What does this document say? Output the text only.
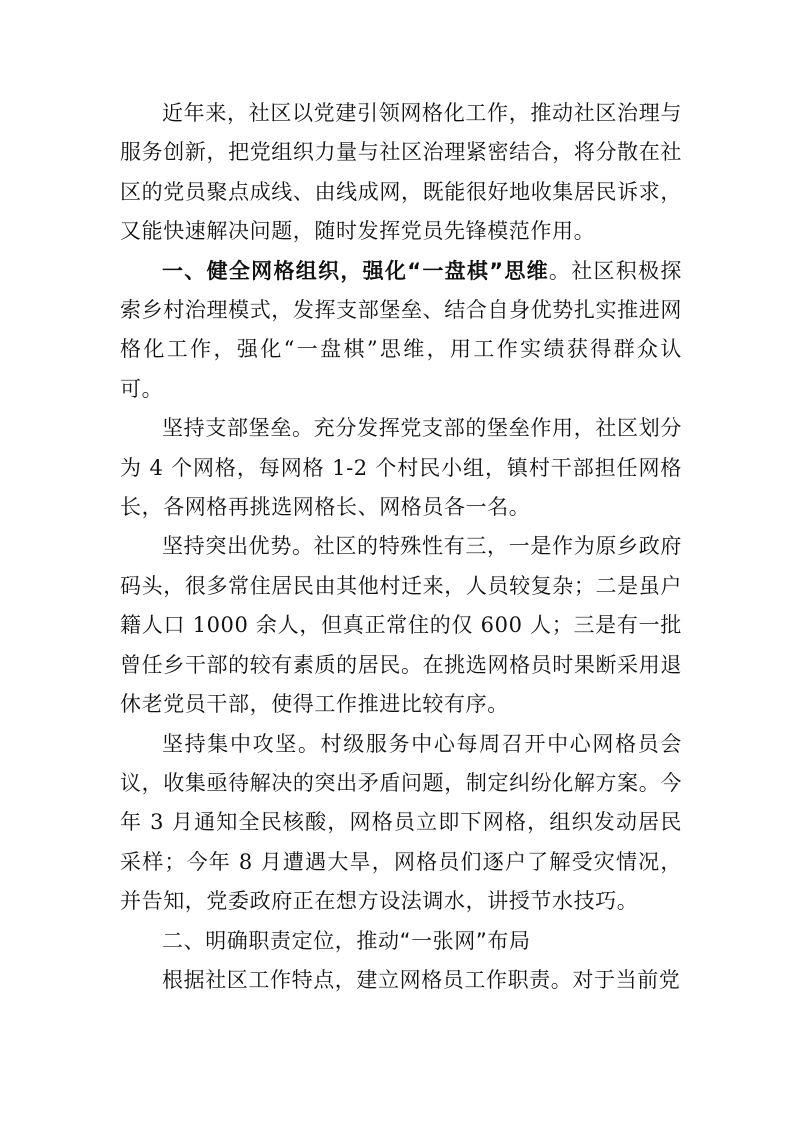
近年来，社区以党建引领网格化工作，推动社区治理与服务创新，把党组织力量与社区治理紧密结合，将分散在社区的党员聚点成线、由线成网，既能很好地收集居民诉求， 又能快速解决问题，随时发挥党员先锋模范作用。

一、健全网格组织，强化“一盘棋”思维。社区积极探索乡村治理模式，发挥支部堡垒、结合自身优势扎实推进网格化工作，强化“一盘棋”思维，用工作实绩获得群众认可。

坚持支部堡垒。充分发挥党支部的堡垒作用，社区划分为 4 个网格，每网格 1-2 个村民小组，镇村干部担任网格长，各网格再挑选网格长、网格员各一名。

坚持突出优势。社区的特殊性有三，一是作为原乡政府码头，很多常住居民由其他村迁来，人员较复杂；二是虽户籍人口 1000 余人，但真正常住的仅 600 人；三是有一批曾任乡干部的较有素质的居民。在挑选网格员时果断采用退休老党员干部，使得工作推进比较有序。

坚持集中攻坚。村级服务中心每周召开中心网格员会议，收集亟待解决的突出矛盾问题，制定纠纷化解方案。今年 3 月通知全民核酸，网格员立即下网格，组织发动居民采样；今年 8 月遭遇大旱，网格员们逐户了解受灾情况，并告知，党委政府正在想方设法调水，讲授节水技巧。

二、明确职责定位，推动“一张网”布局

根据社区工作特点，建立网格员工作职责。对于当前党
